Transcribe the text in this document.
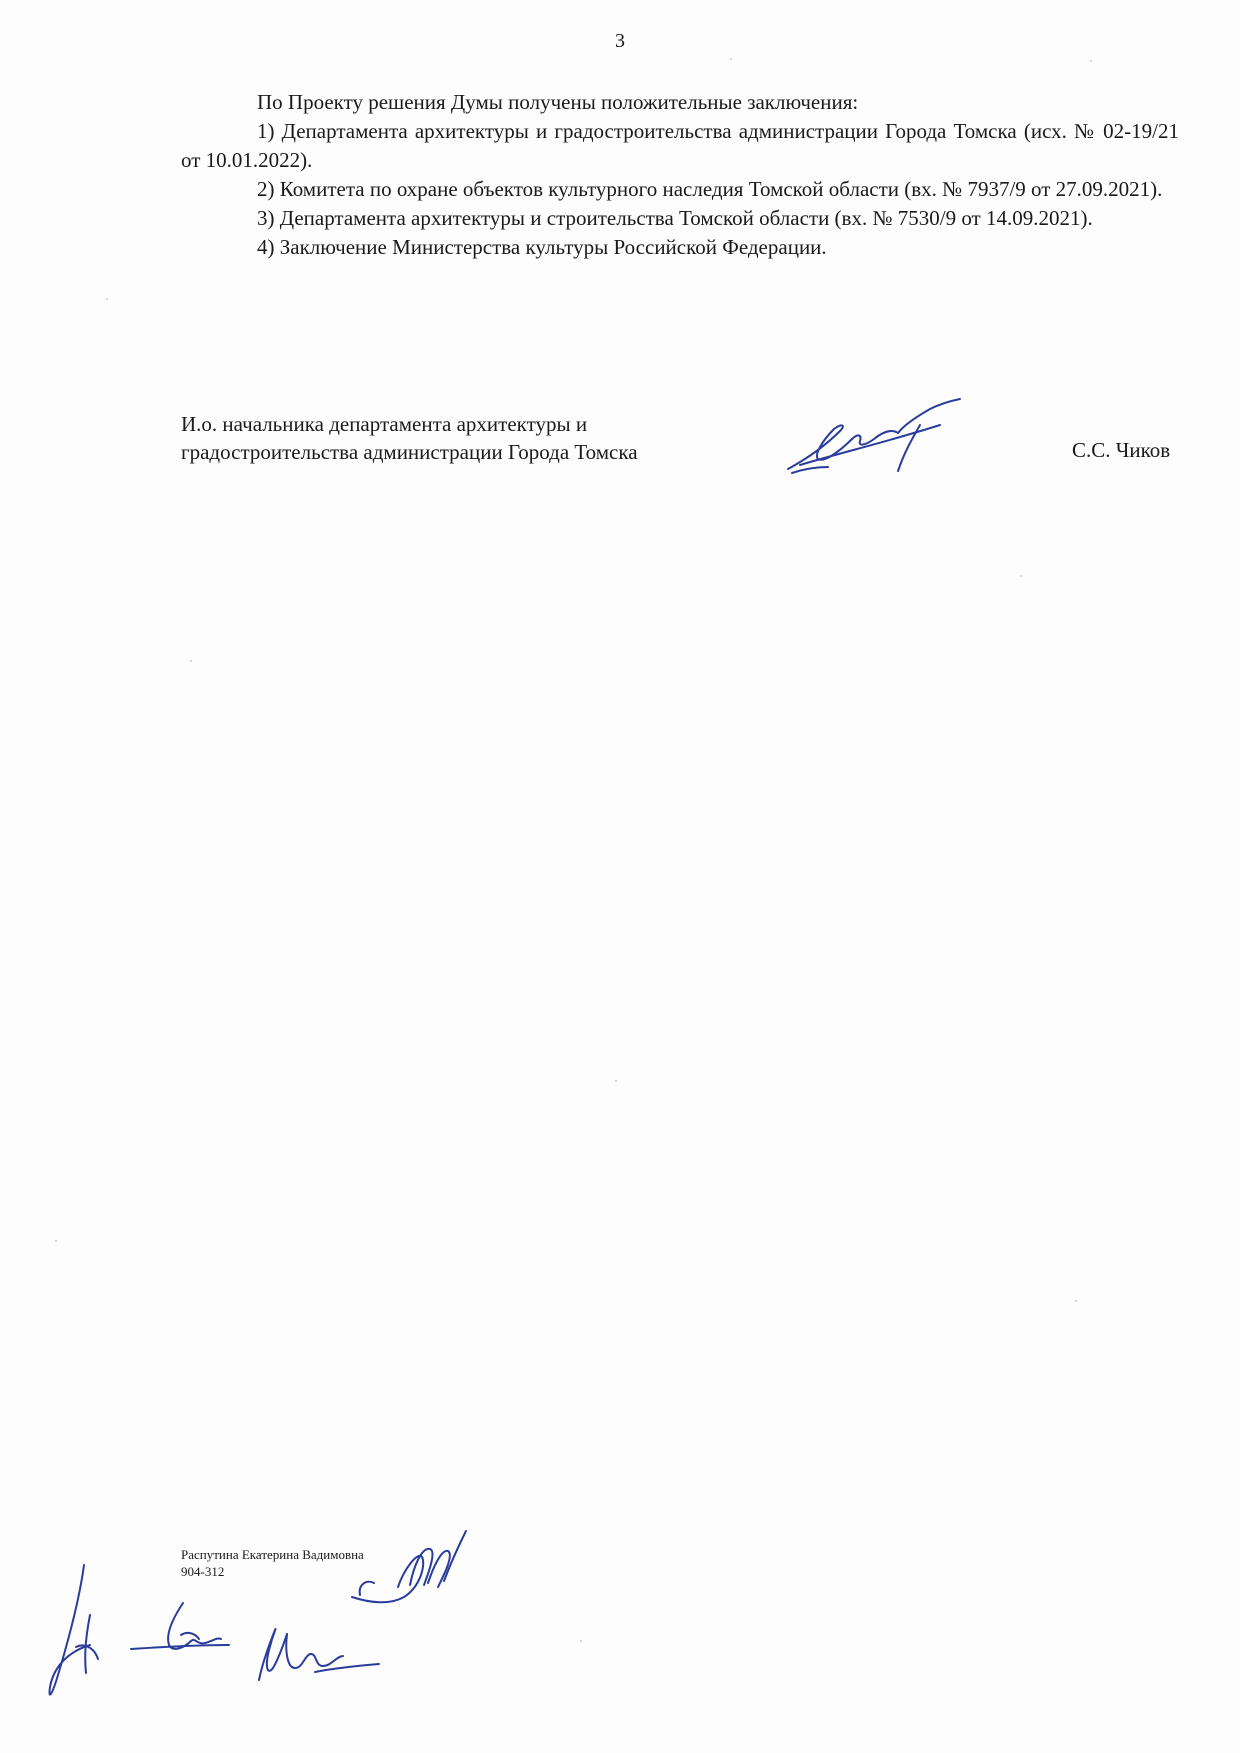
3

По Проекту решения Думы получены положительные заключения:

1) Департамента архитектуры и градостроительства администрации Города Томска (исх. № 02-19/21 от 10.01.2022).

2) Комитета по охране объектов культурного наследия Томской области (вх. № 7937/9 от 27.09.2021).

3) Департамента архитектуры и строительства Томской области (вх. № 7530/9 от 14.09.2021).

4) Заключение Министерства культуры Российской Федерации.

И.о. начальника департамента архитектуры и
градостроительства администрации Города Томска	С.С. Чиков
Распутина Екатерина Вадимовна
904-312
